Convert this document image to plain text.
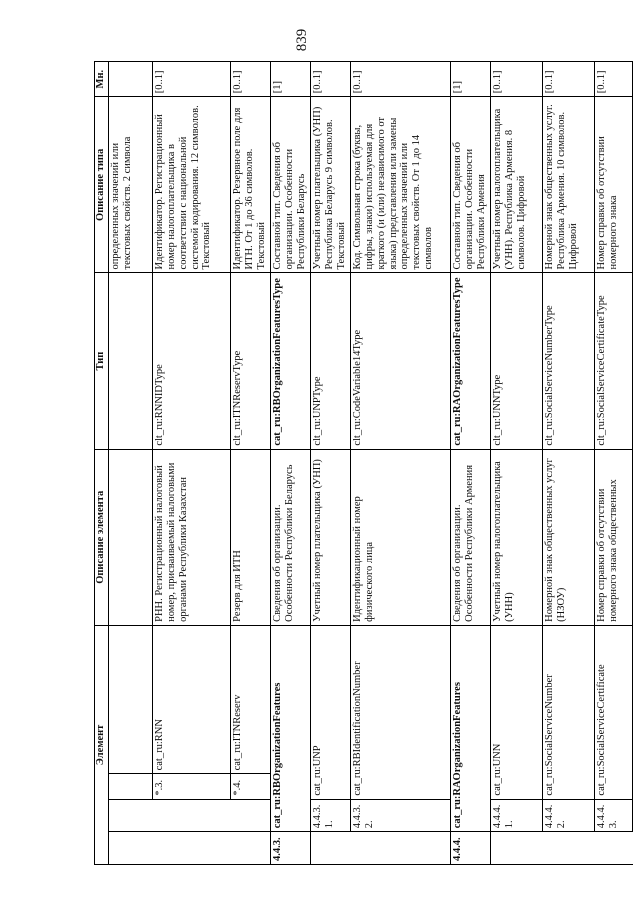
839
Элемент				Описание элемента	Тип	Описание типа	Мн.
						определенных значений или текстовых свойств. 2 символа	
		*.3.	cat_ru:RNN	РНН. Регистрационный налоговый номер, присваиваемый налоговыми органами Республики Казахстан	clt_ru:RNNIDType	Идентификатор. Регистрационный номер налогоплательщика в соответствии с национальной системой кодирования. 12 символов. Текстовый	[0..1]
		*.4.	cat_ru:ITNReserv	Резерв для ИТН	clt_ru:ITNReservType	Идентификатор. Резервное поле для ИТН. От 1 до 36 символов. Текстовый	[0..1]
4.4.3.	cat_ru:RBOrganizationFeatures			Сведения об организации. Особенности Республики Беларусь	cat_ru:RBOrganizationFeaturesType	Составной тип. Сведения об организации. Особенности Республики Беларусь	[1]
	4.4.3.1.	cat_ru:UNP		Учетный номер плательщика (УНП)	clt_ru:UNPType	Учетный номер плательщика (УНП) Республика Беларусь 9 символов. Текстовый	[0..1]
	4.4.3.2.	cat_ru:RBIdentificationNumber		Идентификационный номер физического лица	clt_ru:CodeVariable14Type	Код. Символьная строка (буквы, цифры, знаки) используемая для краткого (и (или) независимого от языка) представления или замены определенных значений или текстовых свойств. От 1 до 14 символов	[0..1]
4.4.4.	cat_ru:RAOrganizationFeatures			Сведения об организации. Особенности Республики Армения	cat_ru:RAOrganizationFeaturesType	Составной тип. Сведения об организации. Особенности Республики Армения	[1]
	4.4.4.1.	cat_ru:UNN		Учетный номер налогоплательщика (УНН)	clt_ru:UNNType	Учетный номер налогоплательщика (УНН). Республика Армения. 8 символов. Цифровой	[0..1]
	4.4.4.2.	cat_ru:SocialServiceNumber		Номерной знак общественных услуг (НЗОУ)	clt_ru:SocialServiceNumberType	Номерной знак общественных услуг. Республика Армения. 10 символов. Цифровой	[0..1]
	4.4.4.3.	cat_ru:SocialServiceCertificate		Номер справки об отсутствии номерного знака общественных	clt_ru:SocialServiceCertificateType	Номер справки об отсутствии номерного знака	[0..1]
